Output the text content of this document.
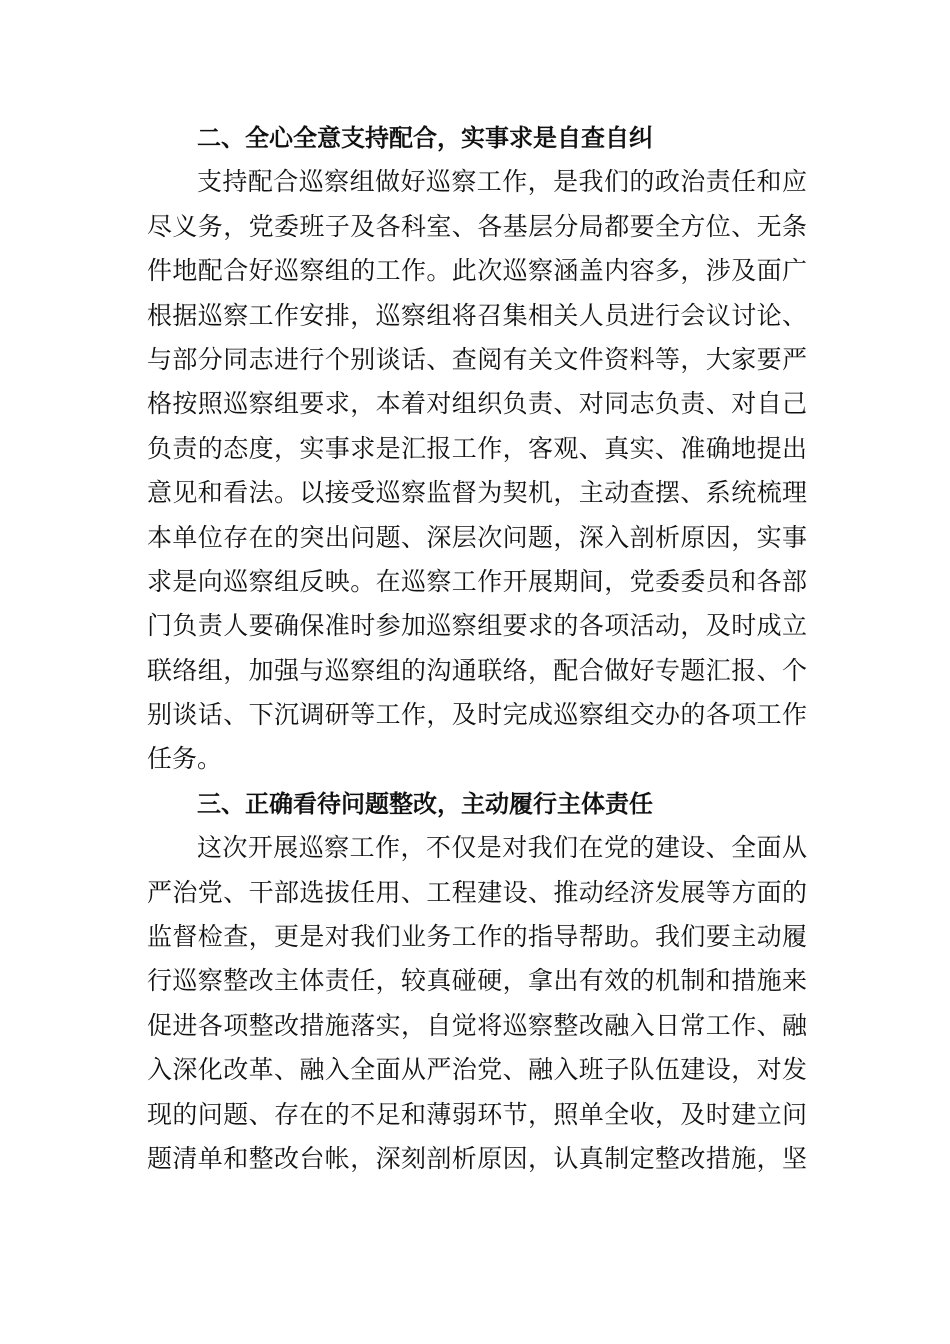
二、全心全意支持配合，实事求是自查自纠
支持配合巡察组做好巡察工作，是我们的政治责任和应
尽义务，党委班子及各科室、各基层分局都要全方位、无条
件地配合好巡察组的工作。此次巡察涵盖内容多，涉及面广
根据巡察工作安排，巡察组将召集相关人员进行会议讨论、
与部分同志进行个别谈话、查阅有关文件资料等，大家要严
格按照巡察组要求，本着对组织负责、对同志负责、对自己
负责的态度，实事求是汇报工作，客观、真实、准确地提出
意见和看法。以接受巡察监督为契机，主动查摆、系统梳理
本单位存在的突出问题、深层次问题，深入剖析原因，实事
求是向巡察组反映。在巡察工作开展期间，党委委员和各部
门负责人要确保准时参加巡察组要求的各项活动，及时成立
联络组，加强与巡察组的沟通联络，配合做好专题汇报、个
别谈话、下沉调研等工作，及时完成巡察组交办的各项工作
任务。
三、正确看待问题整改，主动履行主体责任
这次开展巡察工作，不仅是对我们在党的建设、全面从
严治党、干部选拔任用、工程建设、推动经济发展等方面的
监督检查，更是对我们业务工作的指导帮助。我们要主动履
行巡察整改主体责任，较真碰硬，拿出有效的机制和措施来
促进各项整改措施落实，自觉将巡察整改融入日常工作、融
入深化改革、融入全面从严治党、融入班子队伍建设，对发
现的问题、存在的不足和薄弱环节，照单全收，及时建立问
题清单和整改台帐，深刻剖析原因，认真制定整改措施，坚
